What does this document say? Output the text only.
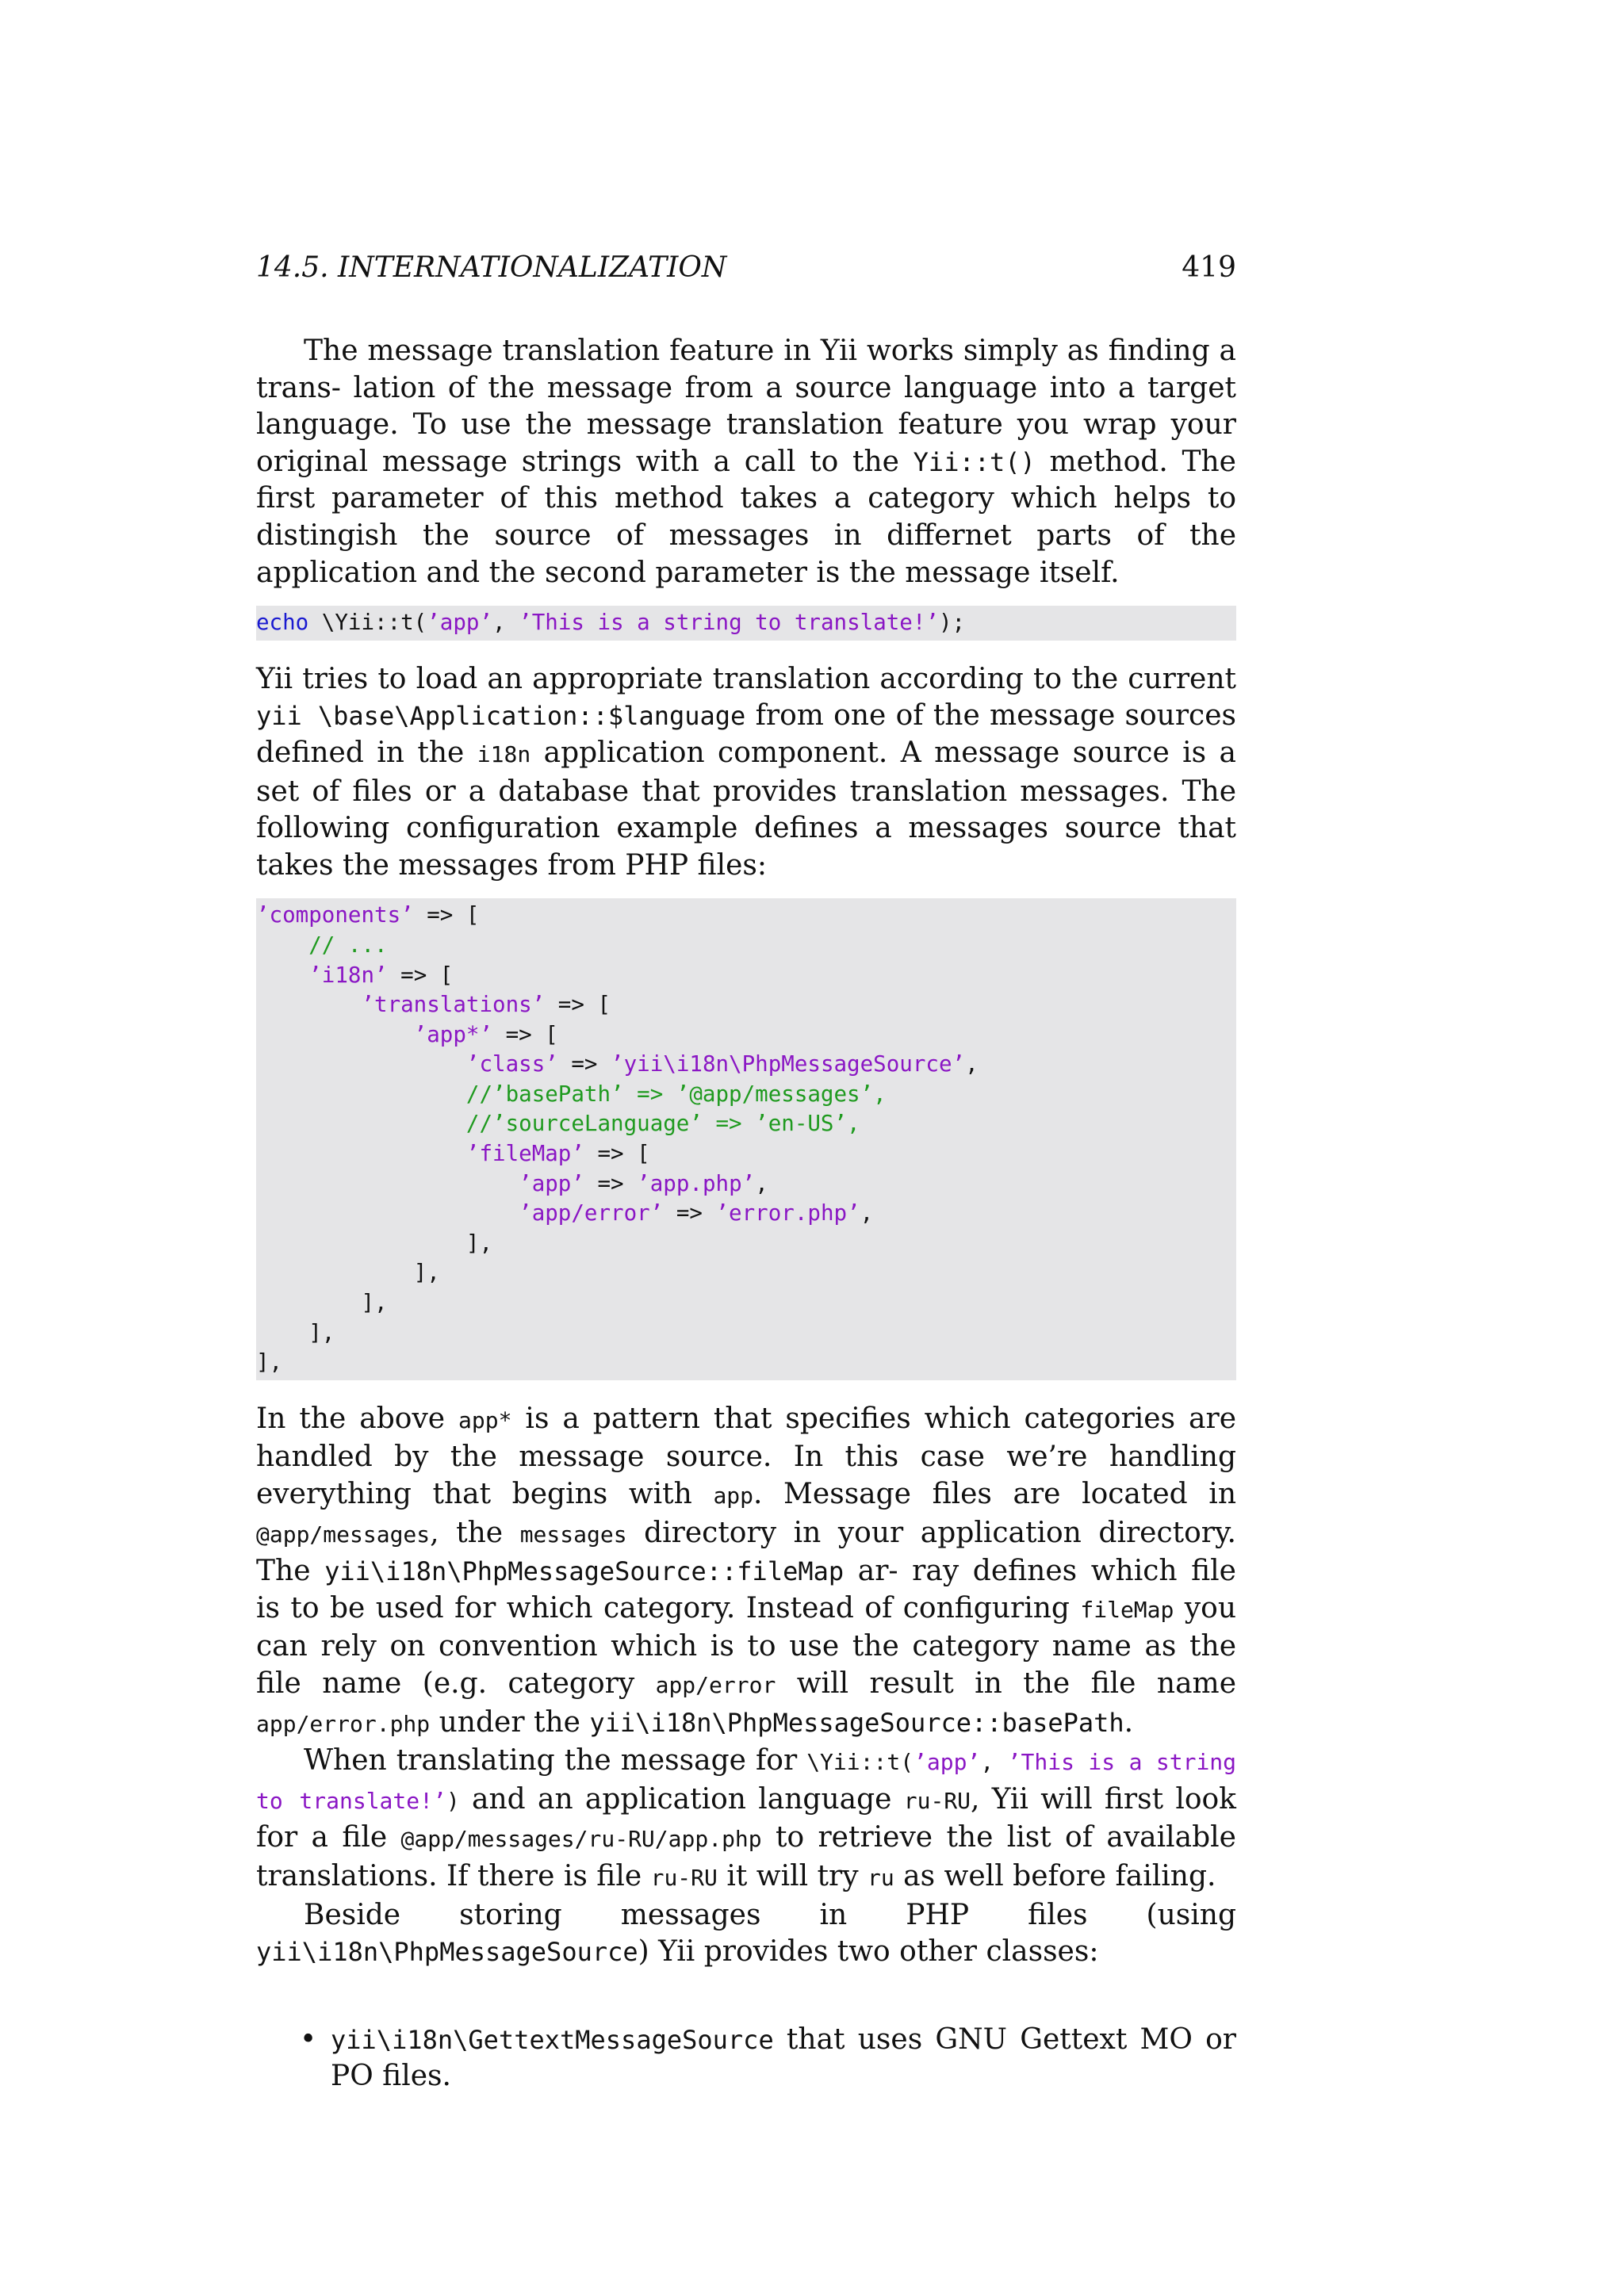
14.5. INTERNATIONALIZATION	419

The message translation feature in Yii works simply as finding a trans- lation of the message from a source language into a target language. To use the message translation feature you wrap your original message strings with a call to the Yii::t() method. The first parameter of this method takes a category which helps to distingish the source of messages in differnet parts of the application and the second parameter is the message itself.

echo \Yii::t(’app’, ’This is a string to translate!’);

Yii tries to load an appropriate translation according to the current yii \base\Application::$language from one of the message sources defined in the i18n application component. A message source is a set of files or a database that provides translation messages. The following configuration example defines a messages source that takes the messages from PHP files:

’components’ => [
// ...
’i18n’ => [
’translations’ => [
’app*’ => [
’class’ => ’yii\i18n\PhpMessageSource’,
//’basePath’ => ’@app/messages’,
//’sourceLanguage’ => ’en-US’,
’fileMap’ => [
’app’ => ’app.php’,
’app/error’ => ’error.php’,
],
],
],
],
],

In the above app* is a pattern that specifies which categories are handled by the message source. In this case we’re handling everything that begins with app. Message files are located in @app/messages, the messages directory in your application directory. The yii\i18n\PhpMessageSource::fileMap ar- ray defines which file is to be used for which category. Instead of configuring fileMap you can rely on convention which is to use the category name as the file name (e.g. category app/error will result in the file name app/error.php under the yii\i18n\PhpMessageSource::basePath.

When translating the message for \Yii::t(’app’, ’This is a string to translate!’) and an application language ru-RU, Yii will first look for a file @app/messages/ru-RU/app.php to retrieve the list of available translations. If there is file ru-RU it will try ru as well before failing.

Beside storing messages in PHP files (using yii\i18n\PhpMessageSource) Yii provides two other classes:

• yii\i18n\GettextMessageSource that uses GNU Gettext MO or PO files.
